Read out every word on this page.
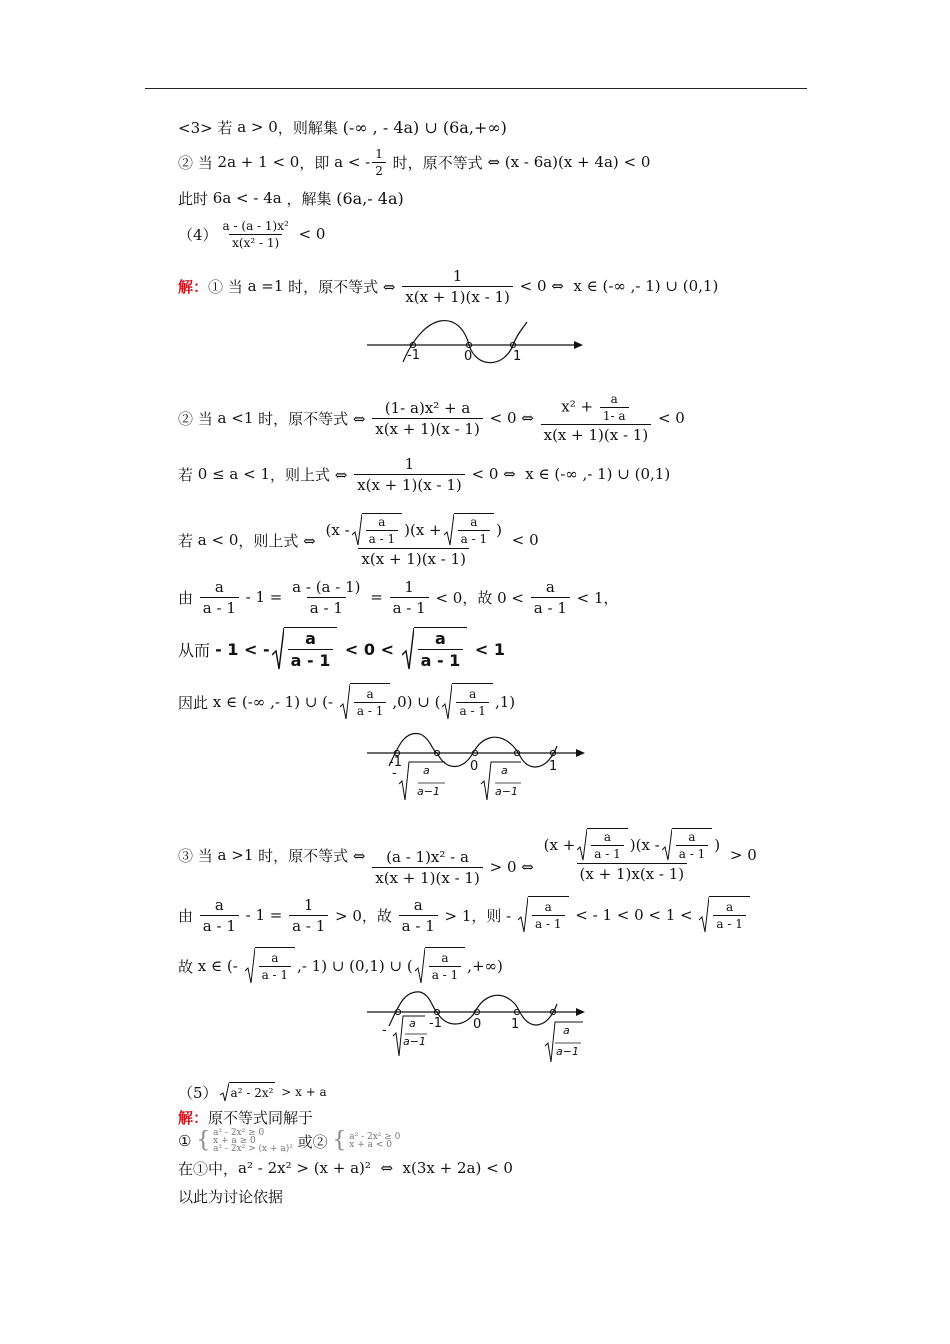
<3> 若 a > 0 ，则解集 (-∞ , - 4a) ∪ (6a,+∞)
② 当 2a + 1 < 0 ，即 a < - 1
2 时，原不等式 ⇔ (x - 6a)(x + 4a) < 0
此时 6a < - 4a ，解集 (6a,- 4a)
（4） a - (a - 1)x²
x(x² - 1) < 0
解： ① 当 a =1 时，原不等式 ⇔
1
x(x + 1)(x - 1)
< 0 ⇔  x ∈ (-∞ ,- 1) ∪ (0,1)
-1	0	1
② 当 a <1 时，原不等式 ⇔
(1- a)x² + a
x(x + 1)(x - 1)
< 0 ⇔
$x^2 + \frac{a}{1- a}$
x(x + 1)(x - 1)
< 0
若 0 ≤ a < 1 ，则上式 ⇔
1
x(x + 1)(x - 1)
< 0 ⇔  x ∈ (-∞ ,- 1) ∪ (0,1)
若 a < 0 ，则上式 ⇔
(x - a
a - 1 )(x + a
a - 1 )
x(x + 1)(x - 1)
< 0
由
a
a - 1
- $1 = \frac{a - (a - 1)}{a - 1} = \frac{1}{a - 1} < 0$，故 0 <
a
a - 1
< 1，
从而 - 1 < -
a
a - 1
< 0 <
a
a - 1
< 1
因此 x ∈ (-∞ ,- 1) ∪ (- a
a - 1 ,0) ∪ ( a
a - 1 ,1)
-1	0	1
- a
a−1
a
a−1
③ 当 a >1 时，原不等式 ⇔ (a - 1)x² - a
x(x + 1)(x - 1)
> 0 ⇔
(x + a
a - 1 )(x - a
a - 1 )
(x + 1)x(x - 1)
> 0
由
a
a - 1
- $1 = \frac{1}{a - 1} > 0$，故
a
a - 1
> 1，则 - a
a - 1 < - 1 < 0 < 1 < a
a - 1
故 x ∈ (- a
a - 1 ,- 1) ∪ (0,1) ∪ ( a
a - 1 ,+∞)
-1 0 1
- a
a−1
a
a−1
（5） a² - 2x² > x + a
解： 原不等式同解于
① { a² - 2x² ≥ 0
x + a ≥ 0
a² - 2x² > (x + a)² 或② { a² - 2x² ≥ 0
x + a < 0
在①中， a² - 2x² > (x + a)²  ⇔  x(3x + 2a) < 0
以此为讨论依据
